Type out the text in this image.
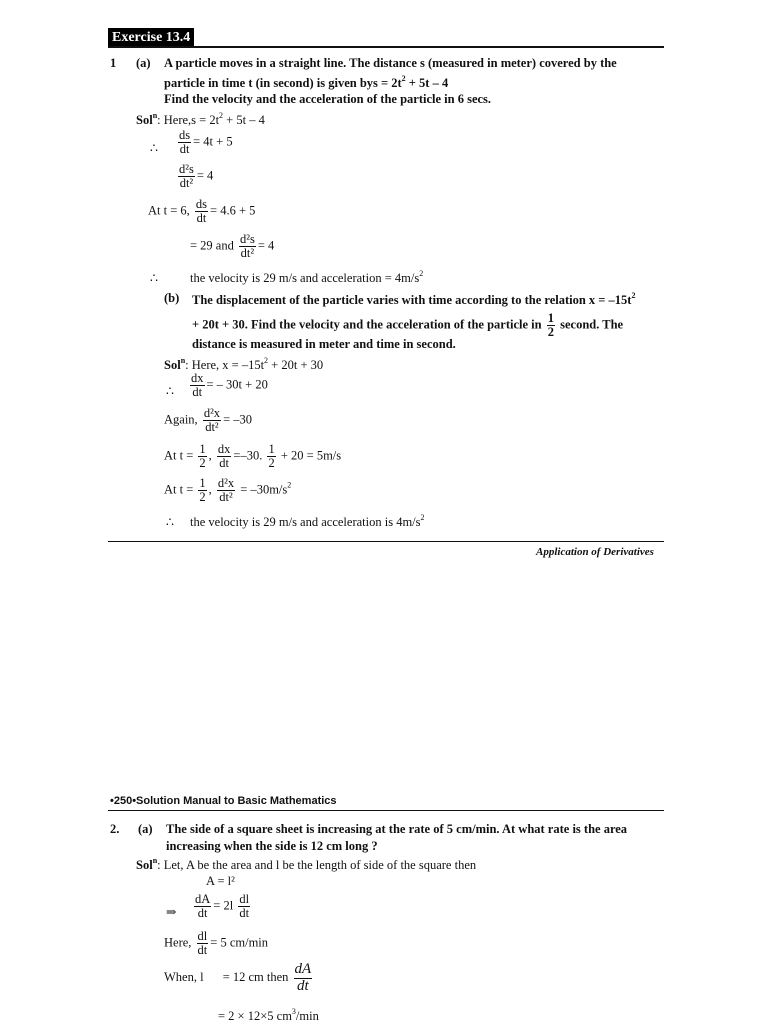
Exercise 13.4
1 (a) A particle moves in a straight line. The distance s (measured in meter) covered by the
particle in time t (in second) is given bys = $2t^2 + 5t - 4$
Find the velocity and the acceleration of the particle in 6 secs.
Sol$^n$: Here,s = $2t^2 + 5t - 4$
∴ $\frac{ds}{dt} = 4t + 5$
$\frac{\text{d²s}}{\text{dt²}} = 4$
At t = 6, $\frac{ds}{dt} = 4.6 + 5$
= 29 and $\frac{\text{d²s}}{\text{dt²}} = 4$
∴	the velocity is 29 m/s and acceleration = $4m/s^2$
(b) The displacement of the particle varies with time according to the relation $x = -15t^2$
+ 20t + 30. Find the velocity and the acceleration of the particle in $\frac{1}{2}$ second. The
distance is measured in meter and time in second.
Sol$^n$: Here, $x = -15t^2 + 20t + 30$
∴ $\frac{dx}{dt}$ = – 30t + 20
Again, $\frac{\text{d²x}}{\text{dt²}} = -30$
At $t = \frac{1}{2}$ , $\frac{dx}{dt} =-30$. $\frac{1}{2} + 20 = 5m/s$
At $t = \frac{1}{2}$ , $\frac{\text{d²x}}{\text{dt²}} = -30m/s^2$
∴ the velocity is 29 m/s and acceleration is $4m/s^2$
Application of Derivatives
•250•Solution Manual to Basic Mathematics
2. (a) The side of a square sheet is increasing at the rate of 5 cm/min. At what rate is the area
increasing when the side is 12 cm long ?
Sol$^n$: Let, A be the area and l be the length of side of the square then
A = l²
⇒ $\frac{dA}{dt} = 2l \frac{dl}{dt}$
Here, $\frac{dl}{dt} = 5$ cm/min
When, l = 12 cm then $\frac{dA}{dt}$
= 2 × 12×5 $cm^3/\min$
